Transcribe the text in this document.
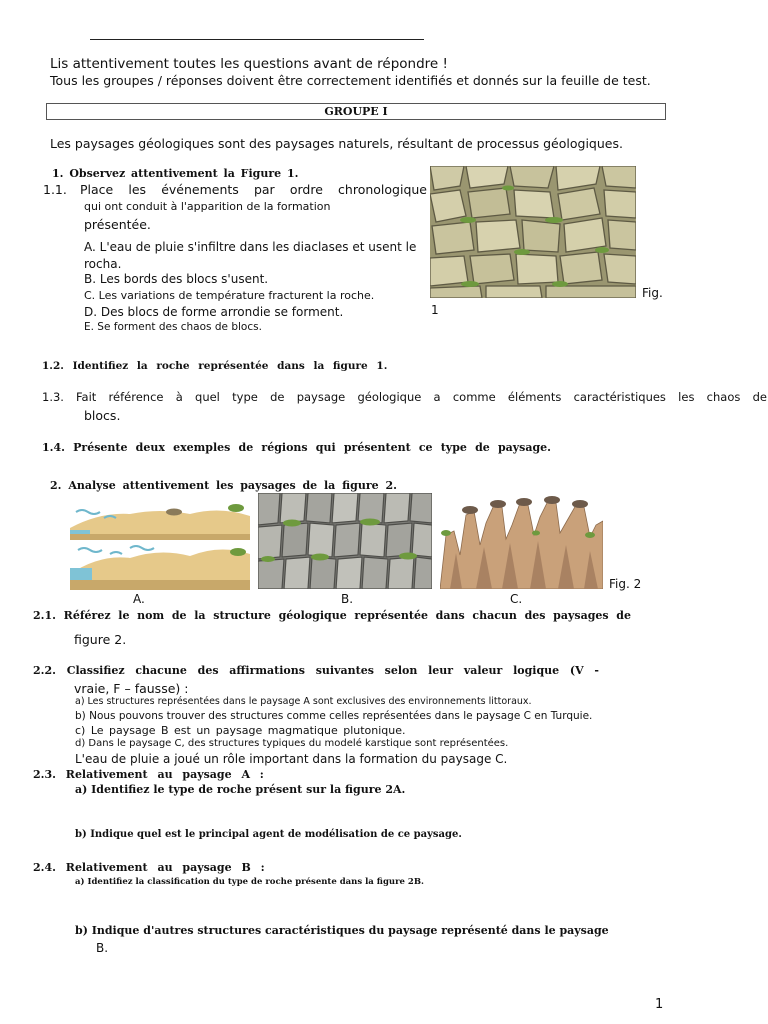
Lis attentivement toutes les questions avant de répondre !
Tous les groupes / réponses doivent être correctement identifiés et donnés sur la feuille de test.
GROUPE I
Les paysages géologiques sont des paysages naturels, résultant de processus géologiques.
1. Observez attentivement la Figure 1.
1.1. Place les événements par ordre chronologique
qui ont conduit à l'apparition de la formation
présentée.
A. L'eau de pluie s'infiltre dans les diaclases et usent le
rocha.
B. Les bords des blocs s'usent.
C. Les variations de température fracturent la roche.
D. Des blocs de forme arrondie se forment.
E. Se forment des chaos de blocs.
Fig.
1
1.2. Identifiez la roche représentée dans la figure 1.
1.3. Fait référence à quel type de paysage géologique a comme éléments caractéristiques les chaos de
blocs.
1.4. Présente deux exemples de régions qui présentent ce type de paysage.
2. Analyse attentivement les paysages de la figure 2.
Fig. 2
A.	B.	C.
2.1. Référez le nom de la structure géologique représentée dans chacun des paysages de
figure 2.
2.2. Classifiez chacune des affirmations suivantes selon leur valeur logique (V -
vraie, F – fausse) :
a) Les structures représentées dans le paysage A sont exclusives des environnements littoraux.
b) Nous pouvons trouver des structures comme celles représentées dans le paysage C en Turquie.
c) Le paysage B est un paysage magmatique plutonique.
d) Dans le paysage C, des structures typiques du modelé karstique sont représentées.
L'eau de pluie a joué un rôle important dans la formation du paysage C.
2.3. Relativement au paysage A :
a) Identifiez le type de roche présent sur la figure 2A.
b) Indique quel est le principal agent de modélisation de ce paysage.
2.4. Relativement au paysage B :
a) Identifiez la classification du type de roche présente dans la figure 2B.
b) Indique d'autres structures caractéristiques du paysage représenté dans le paysage
B.
1
